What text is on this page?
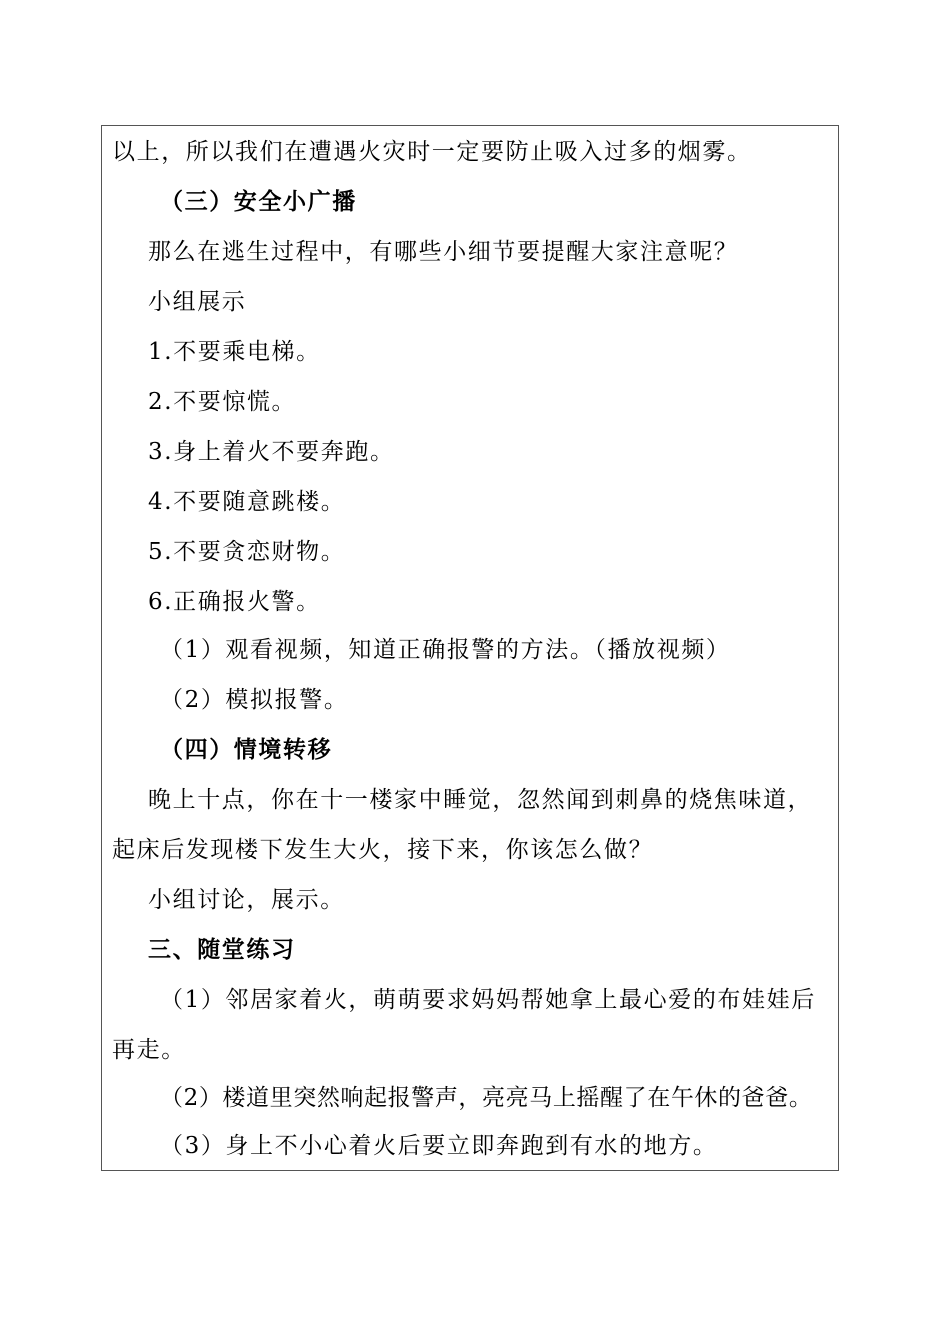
以上，所以我们在遭遇火灾时一定要防止吸入过多的烟雾。
（三）安全小广播
那么在逃生过程中，有哪些小细节要提醒大家注意呢？
小组展示
1.不要乘电梯。
2.不要惊慌。
3.身上着火不要奔跑。
4.不要随意跳楼。
5.不要贪恋财物。
6.正确报火警。
（1）观看视频，知道正确报警的方法。（播放视频）
（2）模拟报警。
（四）情境转移
晚上十点，你在十一楼家中睡觉，忽然闻到刺鼻的烧焦味道，
起床后发现楼下发生大火，接下来，你该怎么做？
小组讨论，展示。
三、随堂练习
（1）邻居家着火，萌萌要求妈妈帮她拿上最心爱的布娃娃后
再走。
（2）楼道里突然响起报警声，亮亮马上摇醒了在午休的爸爸。
（3）身上不小心着火后要立即奔跑到有水的地方。
